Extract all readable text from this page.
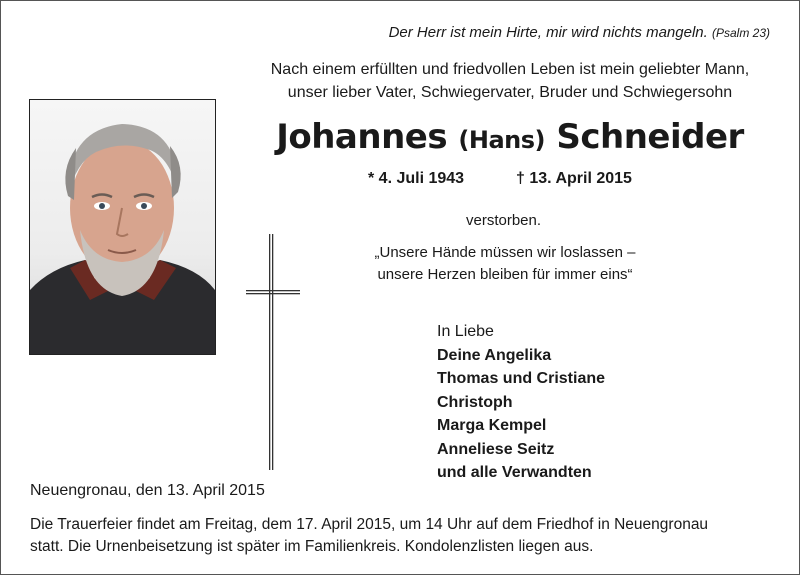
Der Herr ist mein Hirte, mir wird nichts mangeln. (Psalm 23)
Nach einem erfüllten und friedvollen Leben ist mein geliebter Mann,
unser lieber Vater, Schwiegervater, Bruder und Schwiegersohn
Johannes (Hans) Schneider
* 4. Juli 1943	† 13. April 2015
verstorben.
„Unsere Hände müssen wir loslassen –
unsere Herzen bleiben für immer eins“
In Liebe
Deine Angelika
Thomas und Cristiane
Christoph
Marga Kempel
Anneliese Seitz
und alle Verwandten
Neuengronau, den 13. April 2015
Die Trauerfeier findet am Freitag, dem 17. April 2015, um 14 Uhr auf dem Friedhof in Neuengronau
statt. Die Urnenbeisetzung ist später im Familienkreis. Kondolenzlisten liegen aus.
